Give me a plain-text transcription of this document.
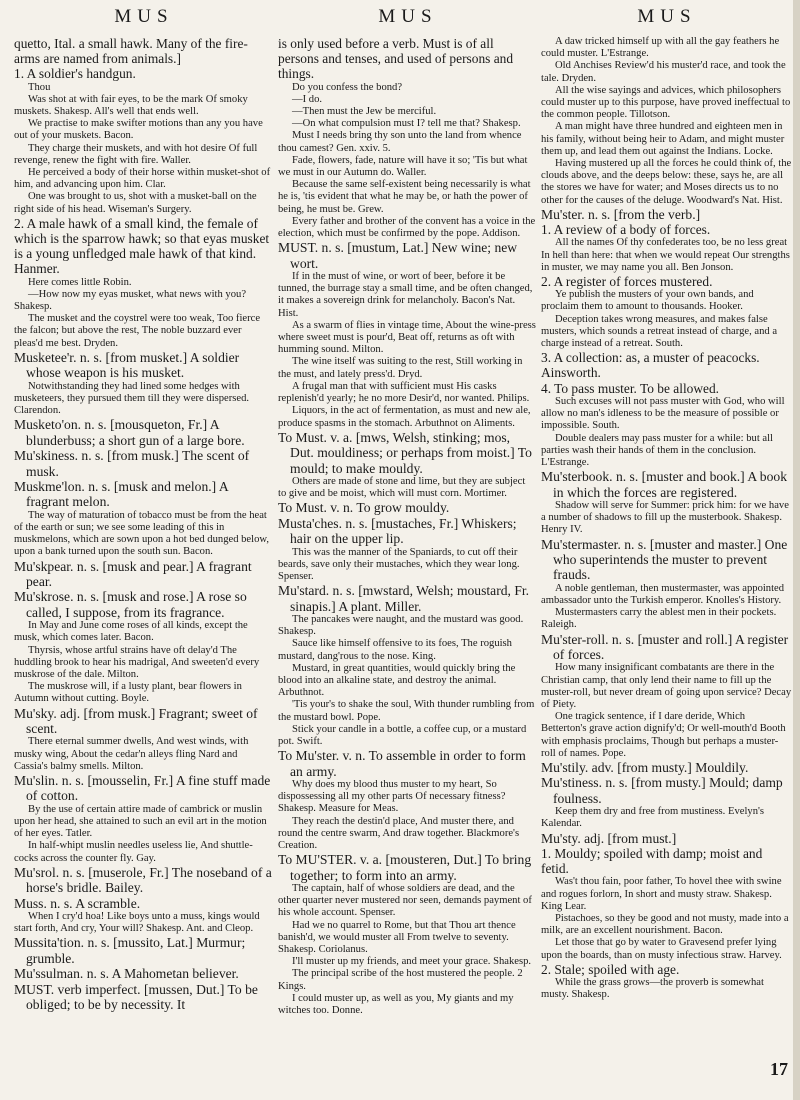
MUS	MUS	MUS

quetto, Ital. a small hawk. Many of the fire-arms are named from animals.]

1. A soldier's handgun.

Thou

Was shot at with fair eyes, to be the mark Of smoky muskets. Shakesp. All's well that ends well.

We practise to make swifter motions than any you have out of your muskets. Bacon.

They charge their muskets, and with hot desire Of full revenge, renew the fight with fire. Waller.

He perceived a body of their horse within musket-shot of him, and advancing upon him. Clar.

One was brought to us, shot with a musket-ball on the right side of his head. Wiseman's Surgery.

2. A male hawk of a small kind, the female of which is the sparrow hawk; so that eyas musket is a young unfledged male hawk of that kind. Hanmer.

Here comes little Robin.

—How now my eyas musket, what news with you? Shakesp.

The musket and the coystrel were too weak, Too fierce the falcon; but above the rest, The noble buzzard ever pleas'd me best. Dryden.

Musketee'r. n. s. [from musket.] A soldier whose weapon is his musket.

Notwithstanding they had lined some hedges with musketeers, they pursued them till they were dispersed. Clarendon.

Musketo'on. n. s. [mousqueton, Fr.] A blunderbuss; a short gun of a large bore.

Mu'skiness. n. s. [from musk.] The scent of musk.

Muskme'lon. n. s. [musk and melon.] A fragrant melon.

The way of maturation of tobacco must be from the heat of the earth or sun; we see some leading of this in muskmelons, which are sown upon a hot bed dunged below, upon a bank turned upon the south sun. Bacon.

Mu'skpear. n. s. [musk and pear.] A fragrant pear.

Mu'skrose. n. s. [musk and rose.] A rose so called, I suppose, from its fragrance.

In May and June come roses of all kinds, except the musk, which comes later. Bacon.

Thyrsis, whose artful strains have oft delay'd The huddling brook to hear his madrigal, And sweeten'd every muskrose of the dale. Milton.

The muskrose will, if a lusty plant, bear flowers in Autumn without cutting. Boyle.

Mu'sky. adj. [from musk.] Fragrant; sweet of scent.

There eternal summer dwells, And west winds, with musky wing, About the cedar'n alleys fling Nard and Cassia's balmy smells. Milton.

Mu'slin. n. s. [mousselin, Fr.] A fine stuff made of cotton.

By the use of certain attire made of cambrick or muslin upon her head, she attained to such an evil art in the motion of her eyes. Tatler.

In half-whipt muslin needles useless lie, And shuttle-cocks across the counter fly. Gay.

Mu'srol. n. s. [muserole, Fr.] The noseband of a horse's bridle. Bailey.

Muss. n. s. A scramble.

When I cry'd hoa! Like boys unto a muss, kings would start forth, And cry, Your will? Shakesp. Ant. and Cleop.

Mussita'tion. n. s. [mussito, Lat.] Murmur; grumble.

Mu'ssulman. n. s. A Mahometan believer.

MUST. verb imperfect. [mussen, Dut.] To be obliged; to be by necessity. It

is only used before a verb. Must is of all persons and tenses, and used of persons and things.

Do you confess the bond?

—I do.

—Then must the Jew be merciful.

—On what compulsion must I? tell me that? Shakesp.

Must I needs bring thy son unto the land from whence thou camest? Gen. xxiv. 5.

Fade, flowers, fade, nature will have it so; 'Tis but what we must in our Autumn do. Waller.

Because the same self-existent being necessarily is what he is, 'tis evident that what he may be, or hath the power of being, he must be. Grew.

Every father and brother of the convent has a voice in the election, which must be confirmed by the pope. Addison.

MUST. n. s. [mustum, Lat.] New wine; new wort.

If in the must of wine, or wort of beer, before it be tunned, the burrage stay a small time, and be often changed, it makes a sovereign drink for melancholy. Bacon's Nat. Hist.

As a swarm of flies in vintage time, About the wine-press where sweet must is pour'd, Beat off, returns as oft with humming sound. Milton.

The wine itself was suiting to the rest, Still working in the must, and lately press'd. Dryd.

A frugal man that with sufficient must His casks replenish'd yearly; he no more Desir'd, nor wanted. Philips.

Liquors, in the act of fermentation, as must and new ale, produce spasms in the stomach. Arbuthnot on Aliments.

To Must. v. a. [mws, Welsh, stinking; mos, Dut. mouldiness; or perhaps from moist.] To mould; to make mouldy.

Others are made of stone and lime, but they are subject to give and be moist, which will must corn. Mortimer.

To Must. v. n. To grow mouldy.

Musta'ches. n. s. [mustaches, Fr.] Whiskers; hair on the upper lip.

This was the manner of the Spaniards, to cut off their beards, save only their mustaches, which they wear long. Spenser.

Mu'stard. n. s. [mwstard, Welsh; moustard, Fr. sinapis.] A plant. Miller.

The pancakes were naught, and the mustard was good. Shakesp.

Sauce like himself offensive to its foes, The roguish mustard, dang'rous to the nose. King.

Mustard, in great quantities, would quickly bring the blood into an alkaline state, and destroy the animal. Arbuthnot.

'Tis your's to shake the soul, With thunder rumbling from the mustard bowl. Pope.

Stick your candle in a bottle, a coffee cup, or a mustard pot. Swift.

To Mu'ster. v. n. To assemble in order to form an army.

Why does my blood thus muster to my heart, So dispossessing all my other parts Of necessary fitness? Shakesp. Measure for Meas.

They reach the destin'd place, And muster there, and round the centre swarm, And draw together. Blackmore's Creation.

To MU'STER. v. a. [mousteren, Dut.] To bring together; to form into an army.

The captain, half of whose soldiers are dead, and the other quarter never mustered nor seen, demands payment of his whole account. Spenser.

Had we no quarrel to Rome, but that Thou art thence banish'd, we would muster all From twelve to seventy. Shakesp. Coriolanus.

I'll muster up my friends, and meet your grace. Shakesp.

The principal scribe of the host mustered the people. 2 Kings.

I could muster up, as well as you, My giants and my witches too. Donne.

A daw tricked himself up with all the gay feathers he could muster. L'Estrange.

Old Anchises Review'd his muster'd race, and took the tale. Dryden.

All the wise sayings and advices, which philosophers could muster up to this purpose, have proved ineffectual to the common people. Tillotson.

A man might have three hundred and eighteen men in his family, without being heir to Adam, and might muster them up, and lead them out against the Indians. Locke.

Having mustered up all the forces he could think of, the clouds above, and the deeps below: these, says he, are all the stores we have for water; and Moses directs us to no other for the causes of the deluge. Woodward's Nat. Hist.

Mu'ster. n. s. [from the verb.]

1. A review of a body of forces.

All the names Of thy confederates too, be no less great In hell than here: that when we would repeat Our strengths in muster, we may name you all. Ben Jonson.

2. A register of forces mustered.

Ye publish the musters of your own bands, and proclaim them to amount to thousands. Hooker.

Deception takes wrong measures, and makes false musters, which sounds a retreat instead of charge, and a charge instead of a retreat. South.

3. A collection: as, a muster of peacocks. Ainsworth.

4. To pass muster. To be allowed.

Such excuses will not pass muster with God, who will allow no man's idleness to be the measure of possible or impossible. South.

Double dealers may pass muster for a while: but all parties wash their hands of them in the conclusion. L'Estrange.

Mu'sterbook. n. s. [muster and book.] A book in which the forces are registered.

Shadow will serve for Summer: prick him: for we have a number of shadows to fill up the musterbook. Shakesp. Henry IV.

Mu'stermaster. n. s. [muster and master.] One who superintends the muster to prevent frauds.

A noble gentleman, then mustermaster, was appointed ambassador unto the Turkish emperor. Knolles's History.

Mustermasters carry the ablest men in their pockets. Raleigh.

Mu'ster-roll. n. s. [muster and roll.] A register of forces.

How many insignificant combatants are there in the Christian camp, that only lend their name to fill up the muster-roll, but never dream of going upon service? Decay of Piety.

One tragick sentence, if I dare deride, Which Betterton's grave action dignify'd; Or well-mouth'd Booth with emphasis proclaims, Though but perhaps a muster-roll of names. Pope.

Mu'stily. adv. [from musty.] Mouldily.

Mu'stiness. n. s. [from musty.] Mould; damp foulness.

Keep them dry and free from mustiness. Evelyn's Kalendar.

Mu'sty. adj. [from must.]

1. Mouldy; spoiled with damp; moist and fetid.

Was't thou fain, poor father, To hovel thee with swine and rogues forlorn, In short and musty straw. Shakesp. King Lear.

Pistachoes, so they be good and not musty, made into a milk, are an excellent nourishment. Bacon.

Let those that go by water to Gravesend prefer lying upon the boards, than on musty infectious straw. Harvey.

2. Stale; spoiled with age.

While the grass grows—the proverb is somewhat musty. Shakesp.

17
